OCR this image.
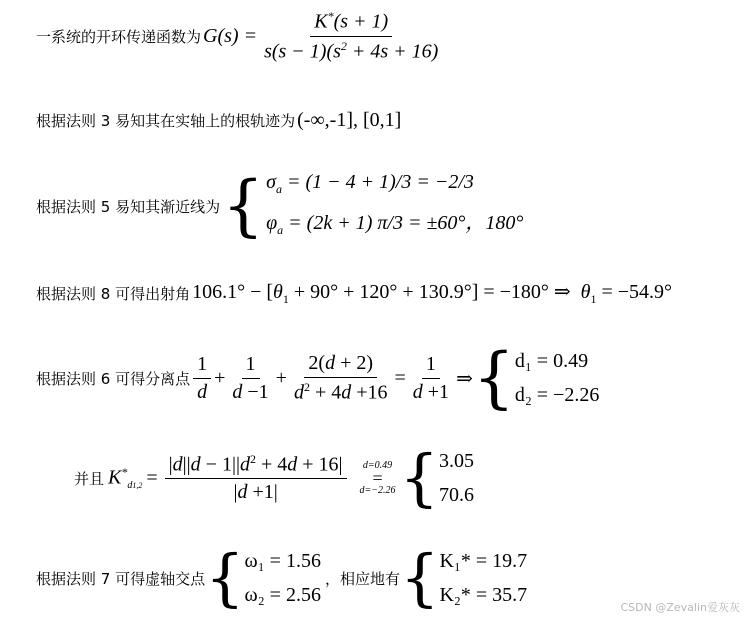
一系统的开环传递函数为 $G(s) = \frac{K^*(s + 1)}{s(s - 1)(s^2 + 4s + 16)}$
根据法则 3 易知其在实轴上的根轨迹为 (-∞,-1], [0,1]
根据法则 5 易知其渐近线为 { $\sigma_a = (1 - 4 + 1)/3 = -2/3$
$\varphi_a = (2k + 1) \pi/3 = \pm 60^\circ$，180°
根据法则 8 可得出射角 $106.1^\circ - [\theta_1 + 90^\circ + 120^\circ + 130.9^\circ] = -180^\circ$ ⇒  $\theta_1 = -54.9^\circ$
根据法则 6 可得分离点 $\frac{1}{d} + \frac{1}{d -1} + \frac{2(d + 2)}{d^2 + 4d +16} = \frac{1}{d +1}$ ⇒ { d₁ = 0.49
d₂ = −2.26
并且 $K^*_{d1,2} = \frac{|d||d - 1||d^2 + 4d + 16|}{|d +1|} d=0.49$
=
d=−2.26 { 3.05
70.6
根据法则 7 可得虚轴交点 { ω₁ = 1.56
ω₂ = 2.56
，相应地有 { K₁* = 19.7
K₂* = 35.7
CSDN @Zevalin爱灰灰
